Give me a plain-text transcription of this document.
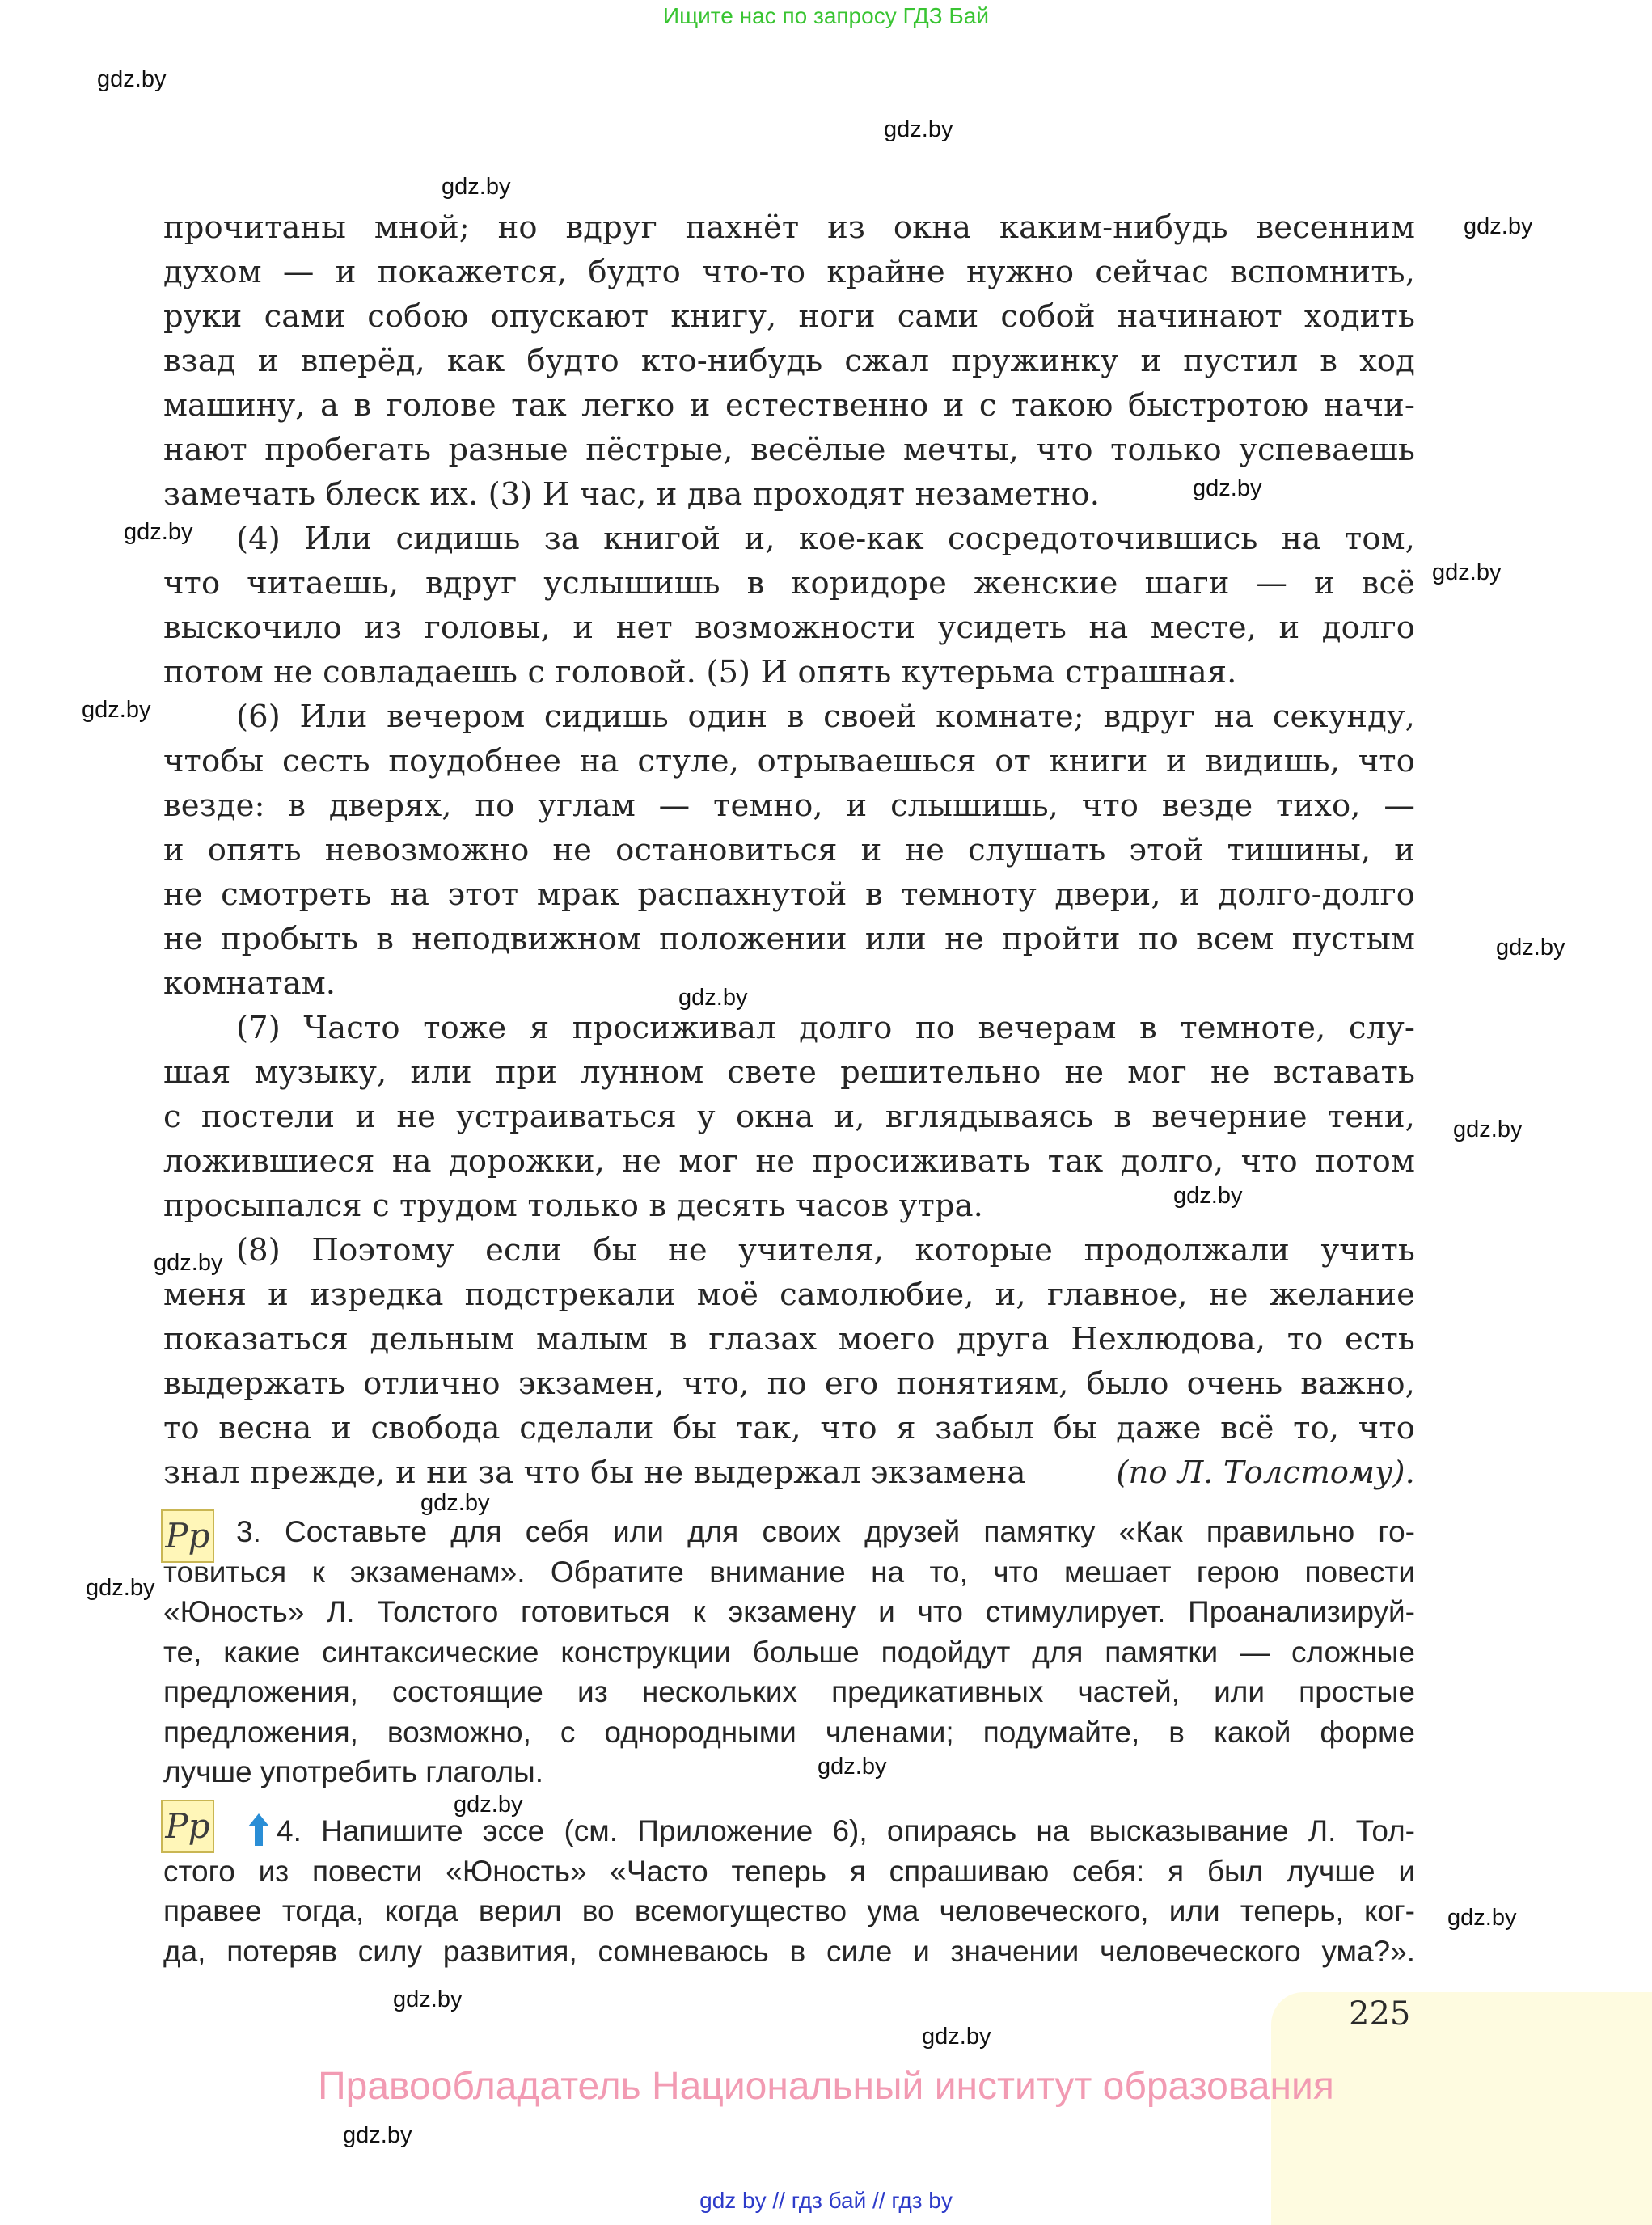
Ищите нас по запросу ГДЗ Бай
gdz.by
gdz.by
gdz.by
gdz.by
gdz.by
gdz.by
gdz.by
gdz.by
gdz.by
gdz.by
gdz.by
gdz.by
gdz.by
gdz.by
gdz.by
gdz.by
gdz.by
gdz.by
gdz.by
gdz.by
gdz.by
прочитаны мной; но вдруг пахнёт из окна каким-нибудь весенним
духом — и покажется, будто что-то крайне нужно сейчас вспомнить,
руки сами собою опускают книгу, ноги сами собой начинают ходить
взад и вперёд, как будто кто-нибудь сжал пружинку и пустил в ход
машину, а в голове так легко и естественно и с такою быстротою начи-
нают пробегать разные пёстрые, весёлые мечты, что только успеваешь
замечать блеск их. (3) И час, и два проходят незаметно.
(4) Или сидишь за книгой и, кое-как сосредоточившись на том,
что читаешь, вдруг услышишь в коридоре женские шаги — и всё
выскочило из головы, и нет возможности усидеть на месте, и долго
потом не совладаешь с головой. (5) И опять кутерьма страшная.
(6) Или вечером сидишь один в своей комнате; вдруг на секунду,
чтобы сесть поудобнее на стуле, отрываешься от книги и видишь, что
везде: в дверях, по углам — темно, и слышишь, что везде тихо, —
и опять невозможно не остановиться и не слушать этой тишины, и
не смотреть на этот мрак распахнутой в темноту двери, и долго-долго
не пробыть в неподвижном положении или не пройти по всем пустым
комнатам.
(7) Часто тоже я просиживал долго по вечерам в темноте, слу-
шая музыку, или при лунном свете решительно не мог не вставать
с постели и не устраиваться у окна и, вглядываясь в вечерние тени,
ложившиеся на дорожки, не мог не просиживать так долго, что потом
просыпался с трудом только в десять часов утра.
(8) Поэтому если бы не учителя, которые продолжали учить
меня и изредка подстрекали моё самолюбие, и, главное, не желание
показаться дельным малым в глазах моего друга Нехлюдова, то есть
выдержать отлично экзамен, что, по его понятиям, было очень важно,
то весна и свобода сделали бы так, что я забыл бы даже всё то, что
знал прежде, и ни за что бы не выдержал экзамена	(по Л. Толстому).
Pp 3. Составьте для себя или для своих друзей памятку «Как правильно го-
товиться к экзаменам». Обратите внимание на то, что мешает герою повести
«Юность» Л. Толстого готовиться к экзамену и что стимулирует. Проанализируй-
те, какие синтаксические конструкции больше подойдут для памятки — сложные
предложения, состоящие из нескольких предикативных частей, или простые
предложения, возможно, с однородными членами; подумайте, в какой форме
лучше употребить глаголы.
Pp	4. Напишите эссе (см. Приложение 6), опираясь на высказывание Л. Тол-
стого из повести «Юность» «Часто теперь я спрашиваю себя: я был лучше и
правее тогда, когда верил во всемогущество ума человеческого, или теперь, ког-
да, потеряв силу развития, сомневаюсь в силе и значении человеческого ума?».
225
Правообладатель Национальный институт образования
gdz by // гдз бай // гдз by
